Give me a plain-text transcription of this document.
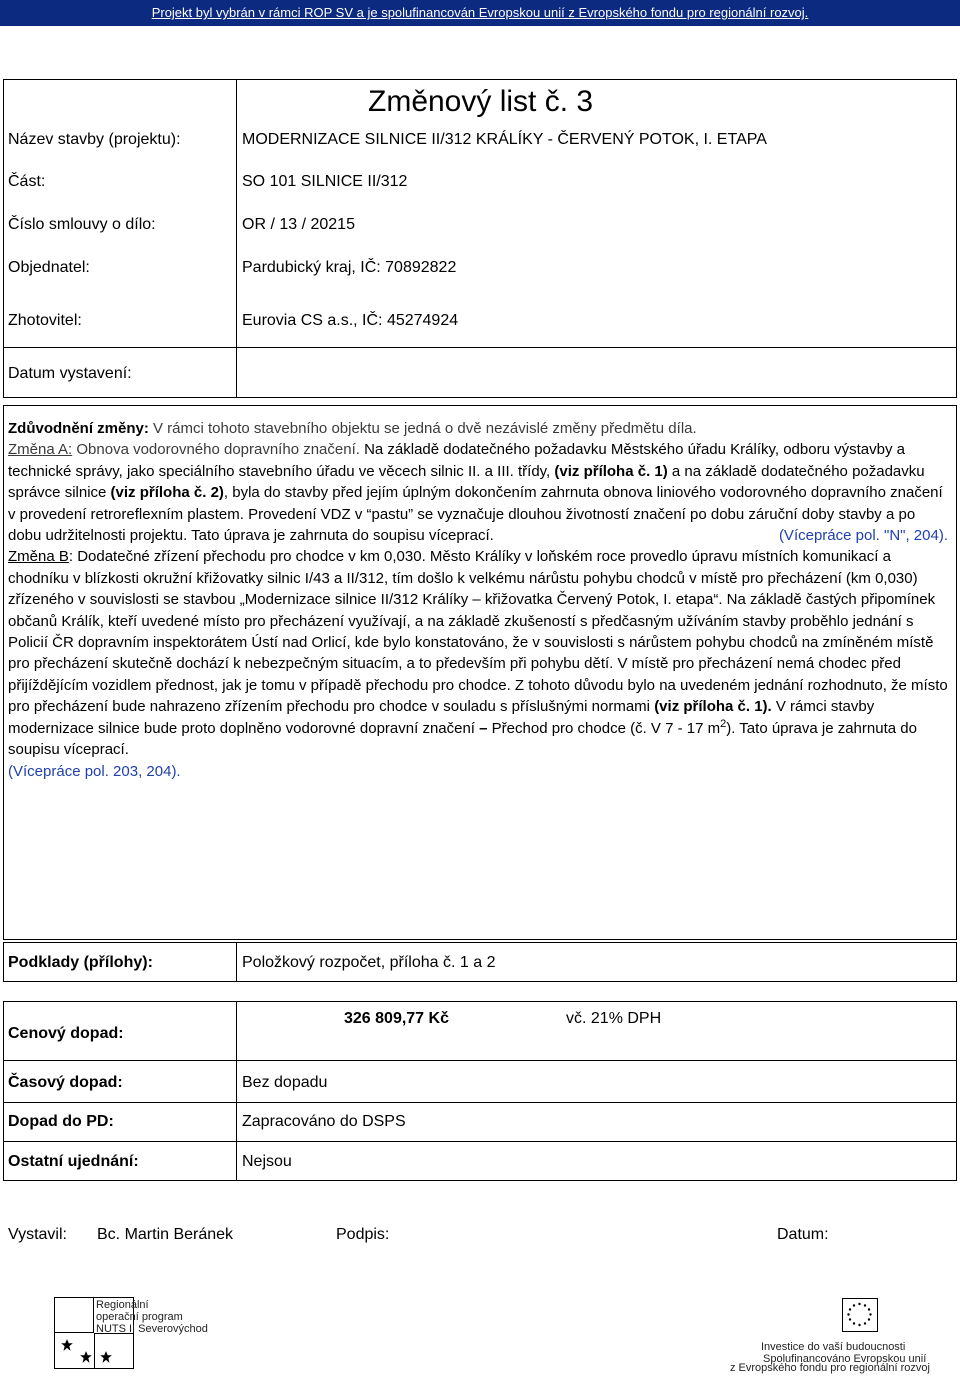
Projekt byl vybrán v rámci ROP SV a je spolufinancován Evropskou unií z Evropského fondu pro regionální rozvoj.
Změnový list č. 3
Název stavby (projektu):	MODERNIZACE SILNICE II/312 KRÁLÍKY - ČERVENÝ POTOK, I. ETAPA
Část:	SO 101 SILNICE II/312
Číslo smlouvy o dílo:	OR / 13 / 20215
Objednatel:	Pardubický kraj, IČ: 70892822
Zhotovitel:	Eurovia CS a.s., IČ: 45274924
Datum vystavení:

Zdůvodnění změny: V rámci tohoto stavebního objektu se jedná o dvě nezávislé změny předmětu díla.

Změna A: Obnova vodorovného dopravního značení. Na základě dodatečného požadavku Městského úřadu Králíky, odboru výstavby a technické správy, jako speciálního stavebního úřadu ve věcech silnic II. a III. třídy, (viz příloha č. 1) a na základě dodatečného požadavku správce silnice (viz příloha č. 2), byla do stavby před jejím úplným dokončením zahrnuta obnova liniového vodorovného dopravního značení v provedení retroreflexním plastem. Provedení VDZ v “pastu” se vyznačuje dlouhou životností značení po dobu záruční doby stavby a po dobu udržitelnosti projektu. Tato úprava je zahrnuta do soupisu víceprací.	(Vícepráce pol. "N", 204).

Změna B: Dodatečné zřízení přechodu pro chodce v km 0,030. Město Králíky v loňském roce provedlo úpravu místních komunikací a chodníku v blízkosti okružní křižovatky silnic I/43 a II/312, tím došlo k velkému nárůstu pohybu chodců v místě pro přecházení (km 0,030) zřízeného v souvislosti se stavbou „Modernizace silnice II/312 Králíky – křižovatka Červený Potok, I. etapa“. Na základě častých připomínek občanů Králík, kteří uvedené místo pro přecházení využívají, a na základě zkušeností s předčasným užíváním stavby proběhlo jednání s Policií ČR dopravním inspektorátem Ústí nad Orlicí, kde bylo konstatováno, že v souvislosti s nárůstem pohybu chodců na zmíněném místě pro přecházení skutečně dochází k nebezpečným situacím, a to především při pohybu dětí. V místě pro přecházení nemá chodec před přijíždějícím vozidlem přednost, jak je tomu v případě přechodu pro chodce. Z tohoto důvodu bylo na uvedeném jednání rozhodnuto, že místo pro přecházení bude nahrazeno zřízením přechodu pro chodce v souladu s příslušnými normami (viz příloha č. 1). V rámci stavby modernizace silnice bude proto doplněno vodorovné dopravní značení – Přechod pro chodce (č. V 7 - 17 $m^2$). Tato úprava je zahrnuta do soupisu víceprací.

(Vícepráce pol. 203, 204).

Podklady (přílohy):	Položkový rozpočet, příloha č. 1 a 2
Cenový dopad:
326 809,77 Kč	vč. 21% DPH
Časový dopad:	Bez dopadu
Dopad do PD:	Zapracováno do DSPS
Ostatní ujednání:	Nejsou
Vystavil: Bc. Martin Beránek	Podpis:	Datum:
Regionální
operační program
NUTS II Severovýchod
Investice do vaší budoucnosti
Spolufinancováno Evropskou unií
z Evropského fondu pro regionální rozvoj
